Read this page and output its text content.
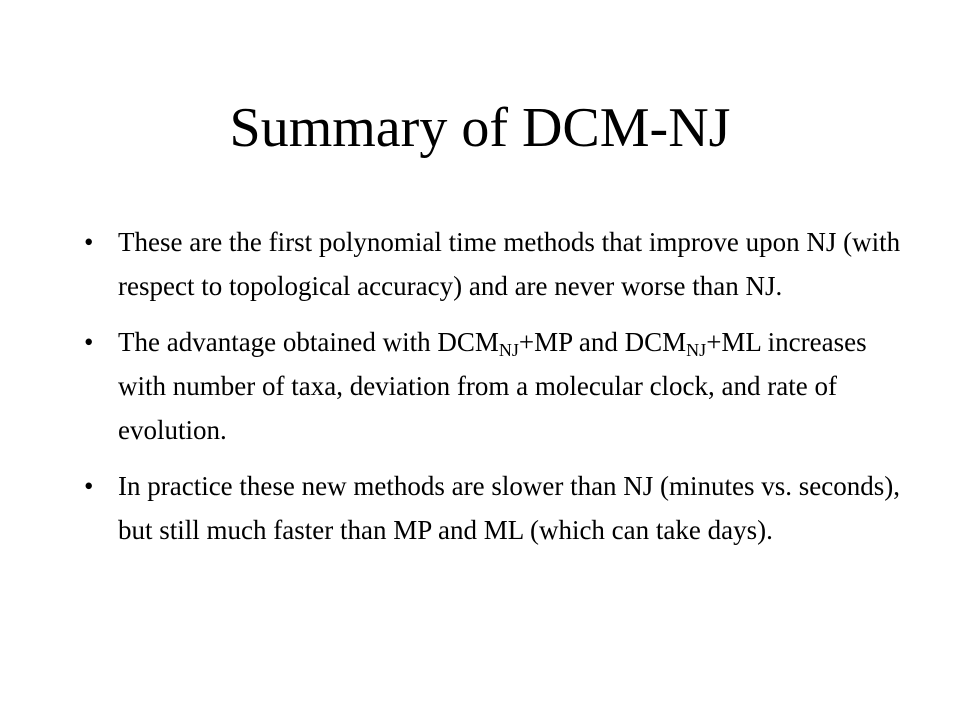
Summary of DCM-NJ
• These are the first polynomial time methods that improve upon NJ (with respect to topological accuracy) and are never worse than NJ.
• The advantage obtained with $DCM_{NJ}+MP$ and $DCM_{NJ}+ML$ increases with number of taxa, deviation from a molecular clock, and rate of evolution.
• In practice these new methods are slower than NJ (minutes vs. seconds), but still much faster than MP and ML (which can take days).
